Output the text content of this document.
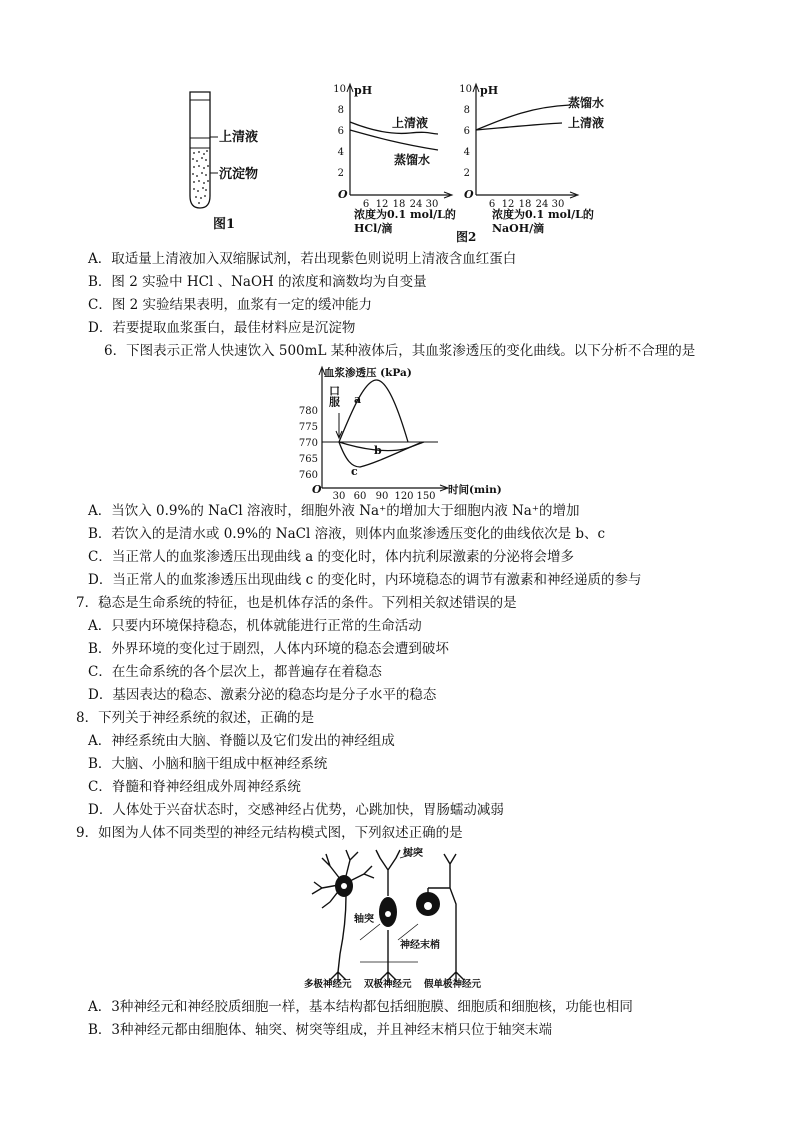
上清液
沉淀物
图1
pH
O
2
4
6
8
10
6 12 18 24 30
上清液
蒸馏水
浓度为0.1 mol/L的
HCl/滴
pH
O
2
4
6
8
10
6 12 18 24 30
蒸馏水
上清液
浓度为0.1 mol/L的
NaOH/滴
图2
A．取适量上清液加入双缩脲试剂，若出现紫色则说明上清液含血红蛋白
B．图 2 实验中 HCl 、NaOH 的浓度和滴数均为自变量
C．图 2 实验结果表明，血浆有一定的缓冲能力
D．若要提取血浆蛋白，最佳材料应是沉淀物
6．下图表示正常人快速饮入 500mL 某种液体后，其血浆渗透压的变化曲线。以下分析不合理的是
血浆渗透压 (kPa)
O
760
765
770
775
780
30 60 90 120 150
时间(min)
口服 a
b
c
A．当饮入 0.9%的 NaCl 溶液时，细胞外液 Na⁺的增加大于细胞内液 Na⁺的增加
B．若饮入的是清水或 0.9%的 NaCl 溶液，则体内血浆渗透压变化的曲线依次是 b、c
C．当正常人的血浆渗透压出现曲线 a 的变化时，体内抗利尿激素的分泌将会增多
D．当正常人的血浆渗透压出现曲线 c 的变化时，内环境稳态的调节有激素和神经递质的参与
7．稳态是生命系统的特征，也是机体存活的条件。下列相关叙述错误的是
A．只要内环境保持稳态，机体就能进行正常的生命活动
B．外界环境的变化过于剧烈，人体内环境的稳态会遭到破坏
C．在生命系统的各个层次上，都普遍存在着稳态
D．基因表达的稳态、激素分泌的稳态均是分子水平的稳态
8．下列关于神经系统的叙述，正确的是
A．神经系统由大脑、脊髓以及它们发出的神经组成
B．大脑、小脑和脑干组成中枢神经系统
C．脊髓和脊神经组成外周神经系统
D．人体处于兴奋状态时，交感神经占优势，心跳加快，胃肠蠕动减弱
9．如图为人体不同类型的神经元结构模式图，下列叙述正确的是
树突
轴突
神经末梢
多极神经元 双极神经元 假单极神经元
A．3种神经元和神经胶质细胞一样，基本结构都包括细胞膜、细胞质和细胞核，功能也相同
B．3种神经元都由细胞体、轴突、树突等组成，并且神经末梢只位于轴突末端
